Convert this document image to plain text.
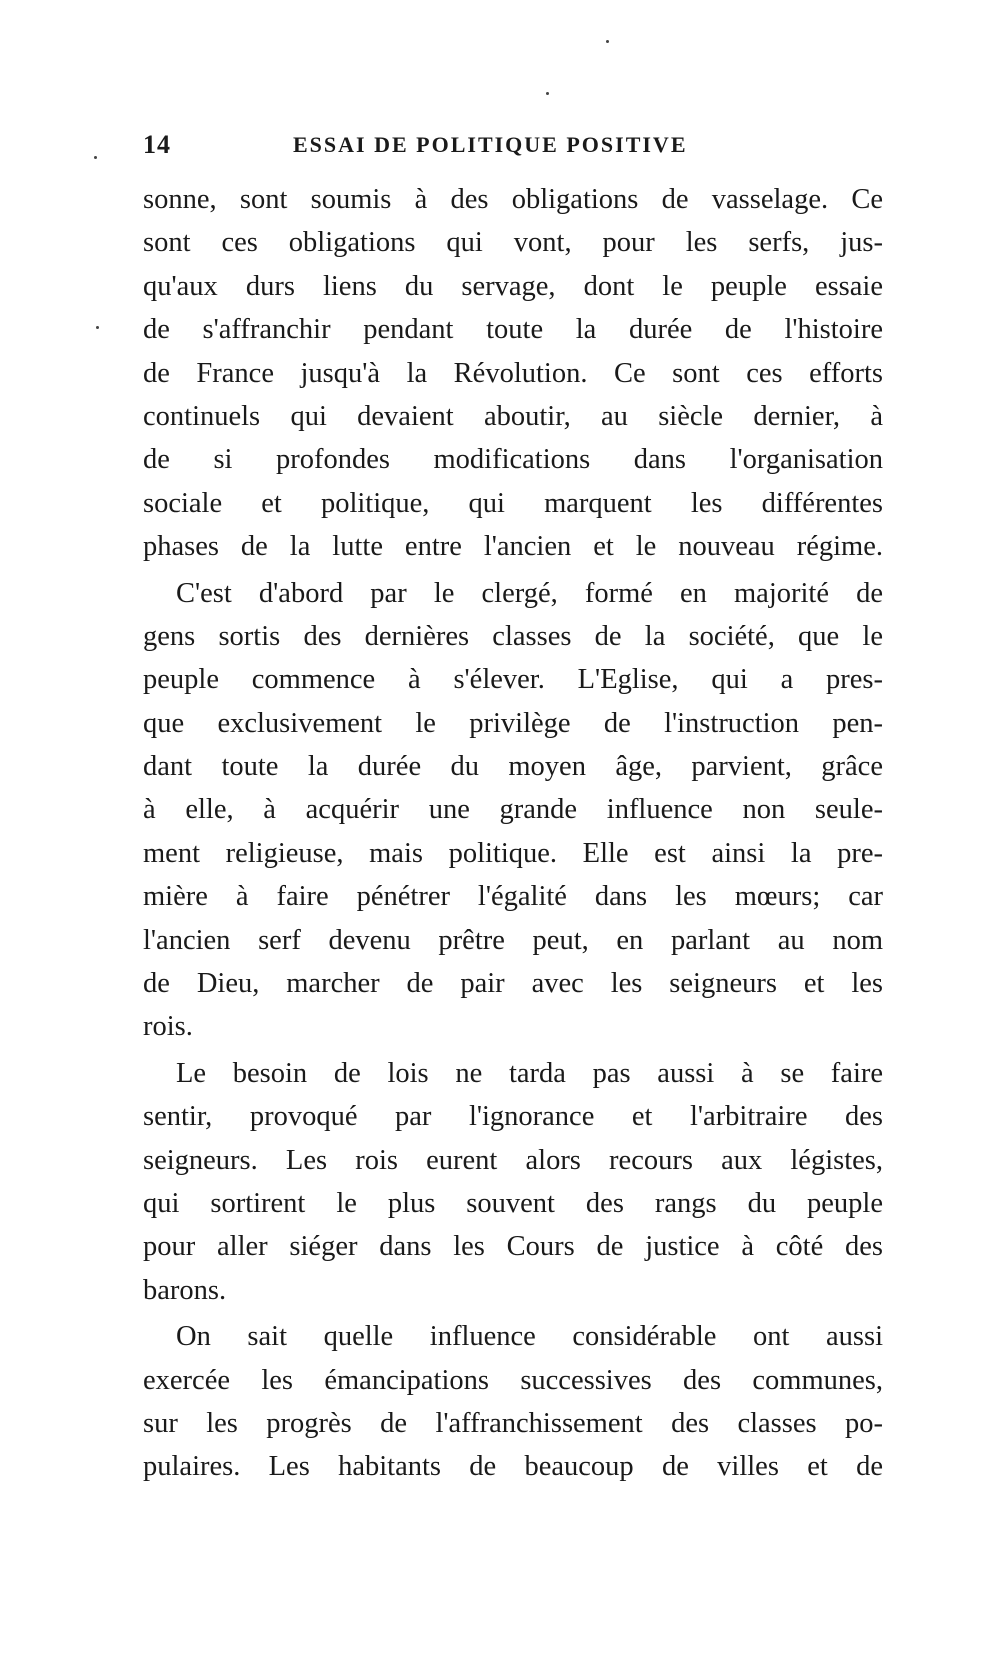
14	ESSAI DE POLITIQUE POSITIVE
sonne, sont soumis à des obligations de vasselage. Ce
sont ces obligations qui vont, pour les serfs, jus-
qu'aux durs liens du servage, dont le peuple essaie
de s'affranchir pendant toute la durée de l'histoire
de France jusqu'à la Révolution. Ce sont ces efforts
continuels qui devaient aboutir, au siècle dernier, à
de si profondes modifications dans l'organisation
sociale et politique, qui marquent les différentes
phases de la lutte entre l'ancien et le nouveau régime.
C'est d'abord par le clergé, formé en majorité de
gens sortis des dernières classes de la société, que le
peuple commence à s'élever. L'Eglise, qui a pres-
que exclusivement le privilège de l'instruction pen-
dant toute la durée du moyen âge, parvient, grâce
à elle, à acquérir une grande influence non seule-
ment religieuse, mais politique. Elle est ainsi la pre-
mière à faire pénétrer l'égalité dans les mœurs; car
l'ancien serf devenu prêtre peut, en parlant au nom
de Dieu, marcher de pair avec les seigneurs et les
rois.
Le besoin de lois ne tarda pas aussi à se faire
sentir, provoqué par l'ignorance et l'arbitraire des
seigneurs. Les rois eurent alors recours aux légistes,
qui sortirent le plus souvent des rangs du peuple
pour aller siéger dans les Cours de justice à côté des
barons.
On sait quelle influence considérable ont aussi
exercée les émancipations successives des communes,
sur les progrès de l'affranchissement des classes po-
pulaires. Les habitants de beaucoup de villes et de
